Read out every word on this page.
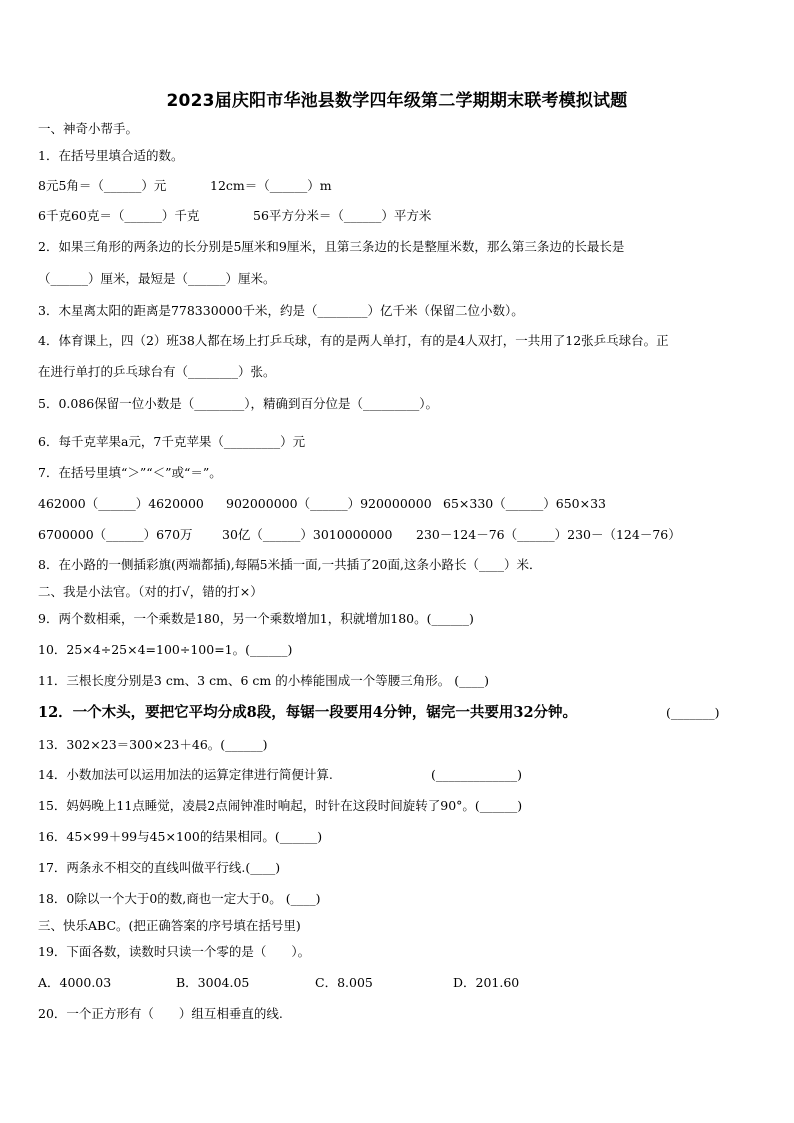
2023届庆阳市华池县数学四年级第二学期期末联考模拟试题
一、神奇小帮手。
1．在括号里填合适的数。
8元5角＝（______）元	12cm＝（______）m
6千克60克＝（______）千克	56平方分米＝（______）平方米
2．如果三角形的两条边的长分别是5厘米和9厘米，且第三条边的长是整厘米数，那么第三条边的长最长是
（______）厘米，最短是（______）厘米。
3．木星离太阳的距离是778330000千米，约是（________）亿千米（保留二位小数）。
4．体育课上，四（2）班38人都在场上打乒乓球，有的是两人单打，有的是4人双打，一共用了12张乒乓球台。正
在进行单打的乒乓球台有（________）张。
5．0.086保留一位小数是（________），精确到百分位是（_________）。
6．每千克苹果a元，7千克苹果（_________）元
7．在括号里填“＞”“＜”或“＝”。
462000（______）4620000 902000000（______）920000000 65×330（______）650×33
6700000（______）670万 30亿（______）3010000000 230－124－76（______）230－（124－76）
8．在小路的一侧插彩旗(两端都插),每隔5米插一面,一共插了20面,这条小路长（____）米．
二、我是小法官。（对的打√，错的打×）
9．两个数相乘，一个乘数是180，另一个乘数增加1，积就增加180。(______)
10．25×4÷25×4=100÷100=1。(______)
11．三根长度分别是3 cm、3 cm、6 cm 的小棒能围成一个等腰三角形。 (____)
12．一个木头，要把它平均分成8段，每锯一段要用4分钟，锯完一共要用32分钟。	(_______)
13．302×23＝300×23＋46。(______)
14．小数加法可以运用加法的运算定律进行简便计算.	(_____________)
15．妈妈晚上11点睡觉，凌晨2点闹钟准时响起，时针在这段时间旋转了90°。(______)
16．45×99＋99与45×100的结果相同。(______)
17．两条永不相交的直线叫做平行线.(____)
18．0除以一个大于0的数,商也一定大于0。 (____)
三、快乐ABC。(把正确答案的序号填在括号里)
19．下面各数，读数时只读一个零的是（　　）。
A．4000.03	B．3004.05	C．8.005	D．201.60
20．一个正方形有（　　）组互相垂直的线.
